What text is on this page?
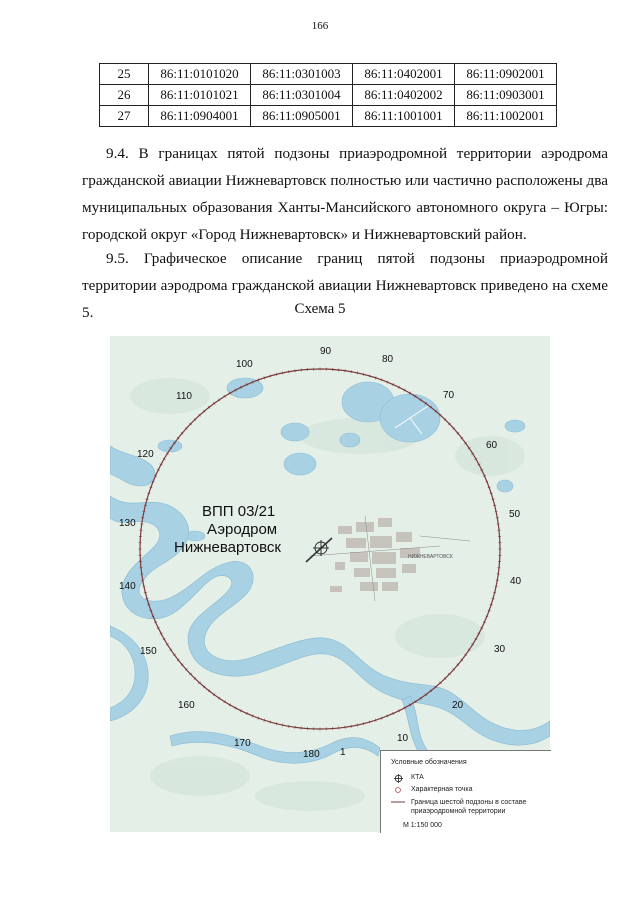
166
25	86:11:0101020	86:11:0301003	86:11:0402001	86:11:0902001
26	86:11:0101021	86:11:0301004	86:11:0402002	86:11:0903001
27	86:11:0904001	86:11:0905001	86:11:1001001	86:11:1002001

9.4. В границах пятой подзоны приаэродромной территории аэродрома гражданской авиации Нижневартовск полностью или частично расположены два муниципальных образования Ханты-Мансийского автономного округа – Югры: городской округ «Город Нижневартовск» и Нижневартовский район.

9.5. Графическое описание границ пятой подзоны приаэродромной территории аэродрома гражданской авиации Нижневартовск приведено на схеме 5.	Схема 5
НИЖНЕВАРТОВСК
ВПП 03/21
Аэродром
Нижневартовск
90
80
70
60
50
40
30
20
10
1
180
170
160
150
140
130
120
110
100
Условные обозначения
КТА
Характерная точка
Граница шестой подзоны в составе приаэродромной территории
М 1:150 000
